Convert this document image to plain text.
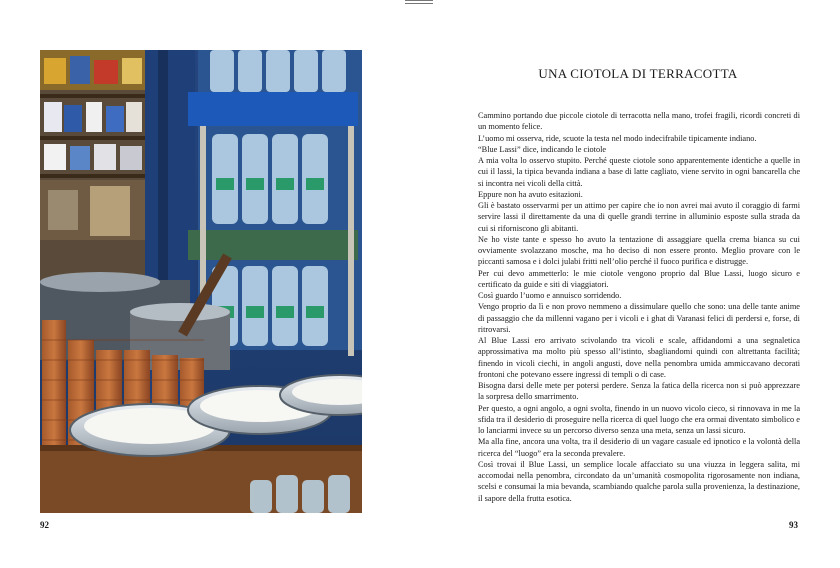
92
UNA CIOTOLA DI TERRACOTTA

Cammino portando due piccole ciotole di terracotta nella mano, trofei fragili, ricordi concreti di un momento felice.

L’uomo mi osserva, ride, scuote la testa nel modo indecifrabile tipicamente indiano.

“Blue Lassi” dice, indicando le ciotole

A mia volta lo osservo stupito. Perché queste ciotole sono apparentemente identiche a quelle in cui il lassi, la tipica bevanda indiana a base di latte cagliato, viene servito in ogni bancarella che si incontra nei vicoli della città.

Eppure non ha avuto esitazioni.

Gli è bastato osservarmi per un attimo per capire che io non avrei mai avuto il coraggio di farmi servire lassi il direttamente da una di quelle grandi terrine in alluminio esposte sulla strada da cui si riforniscono gli abitanti.

Ne ho viste tante e spesso ho avuto la tentazione di assaggiare quella crema bianca su cui ovviamente svolazzano mosche, ma ho deciso di non essere pronto. Meglio provare con le piccanti samosa e i dolci julabi fritti nell’olio perché il fuoco purifica e distrugge.

Per cui devo ammetterlo: le mie ciotole vengono proprio dal Blue Lassi, luogo sicuro e certificato da guide e siti di viaggiatori.

Così guardo l’uomo e annuisco sorridendo.

Vengo proprio da lì e non provo nemmeno a dissimulare quello che sono: una delle tante anime di passaggio che da millenni vagano per i vicoli e i ghat di Varanasi felici di perdersi e, forse, di ritrovarsi.

Al Blue Lassi ero arrivato scivolando tra vicoli e scale, affidandomi a una segnaletica approssimativa ma molto più spesso all’istinto, sbagliandomi quindi con altrettanta facilità; finendo in vicoli ciechi, in angoli angusti, dove nella penombra umida ammiccavano decorati frontoni che potevano essere ingressi di templi o di case.

Bisogna darsi delle mete per potersi perdere. Senza la fatica della ricerca non si può apprezzare la sorpresa dello smarrimento.

Per questo, a ogni angolo, a ogni svolta, finendo in un nuovo vicolo cieco, si rinnovava in me la sfida tra il desiderio di proseguire nella ricerca di quel luogo che era ormai diventato simbolico e lo lanciarmi invece su un percorso diverso senza una meta, senza un lassi sicuro.

Ma alla fine, ancora una volta, tra il desiderio di un vagare casuale ed ipnotico e la volontà della ricerca del “luogo” era la seconda prevalere.

Così trovai il Blue Lassi, un semplice locale affacciato su una viuzza in leggera salita, mi accomodai nella penombra, circondato da un’umanità cosmopolita rigorosamente non indiana, scelsi e consumai la mia bevanda, scambiando qualche parola sulla provenienza, la destinazione, il sapore della frutta esotica.

93
